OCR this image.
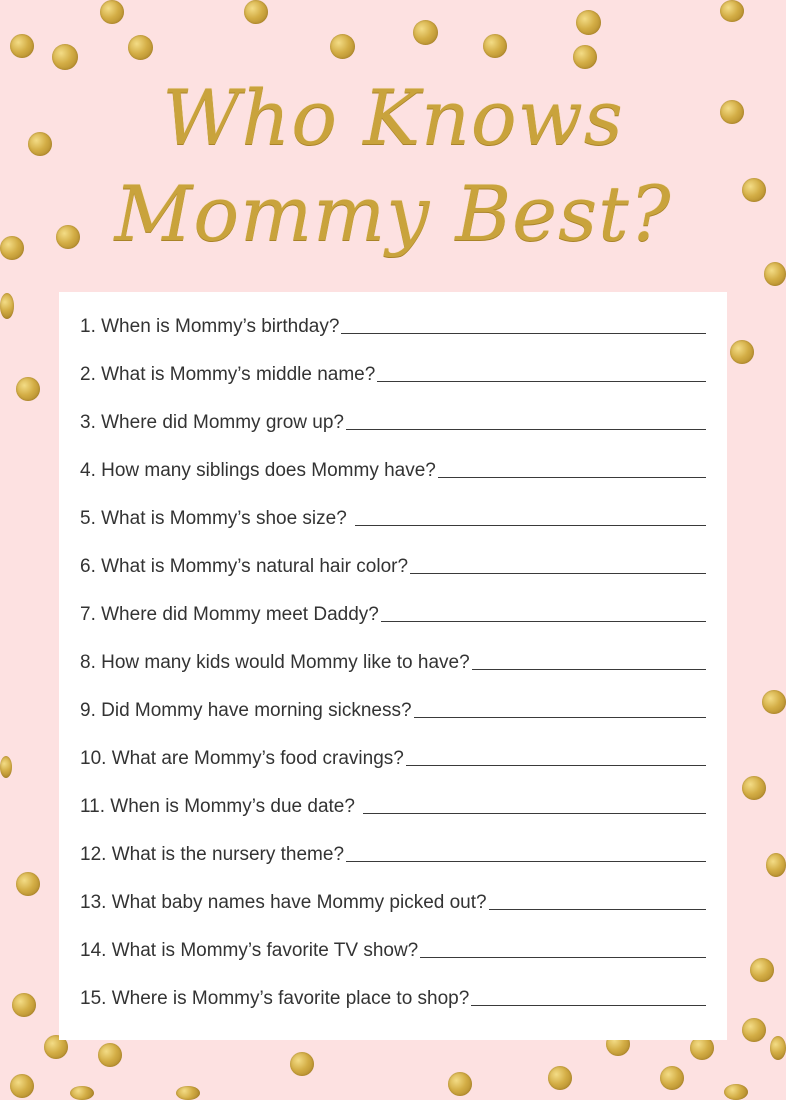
Who Knows
Mommy Best?
1. When is Mommy’s birthday?
2. What is Mommy’s middle name?
3. Where did Mommy grow up?
4. How many siblings does Mommy have?
5. What is Mommy’s shoe size?
6. What is Mommy’s natural hair color?
7. Where did Mommy meet Daddy?
8. How many kids would Mommy like to have?
9. Did Mommy have morning sickness?
10. What are Mommy’s food cravings?
11. When is Mommy’s due date?
12. What is the nursery theme?
13. What baby names have Mommy picked out?
14. What is Mommy’s favorite TV show?
15. Where is Mommy’s favorite place to shop?
